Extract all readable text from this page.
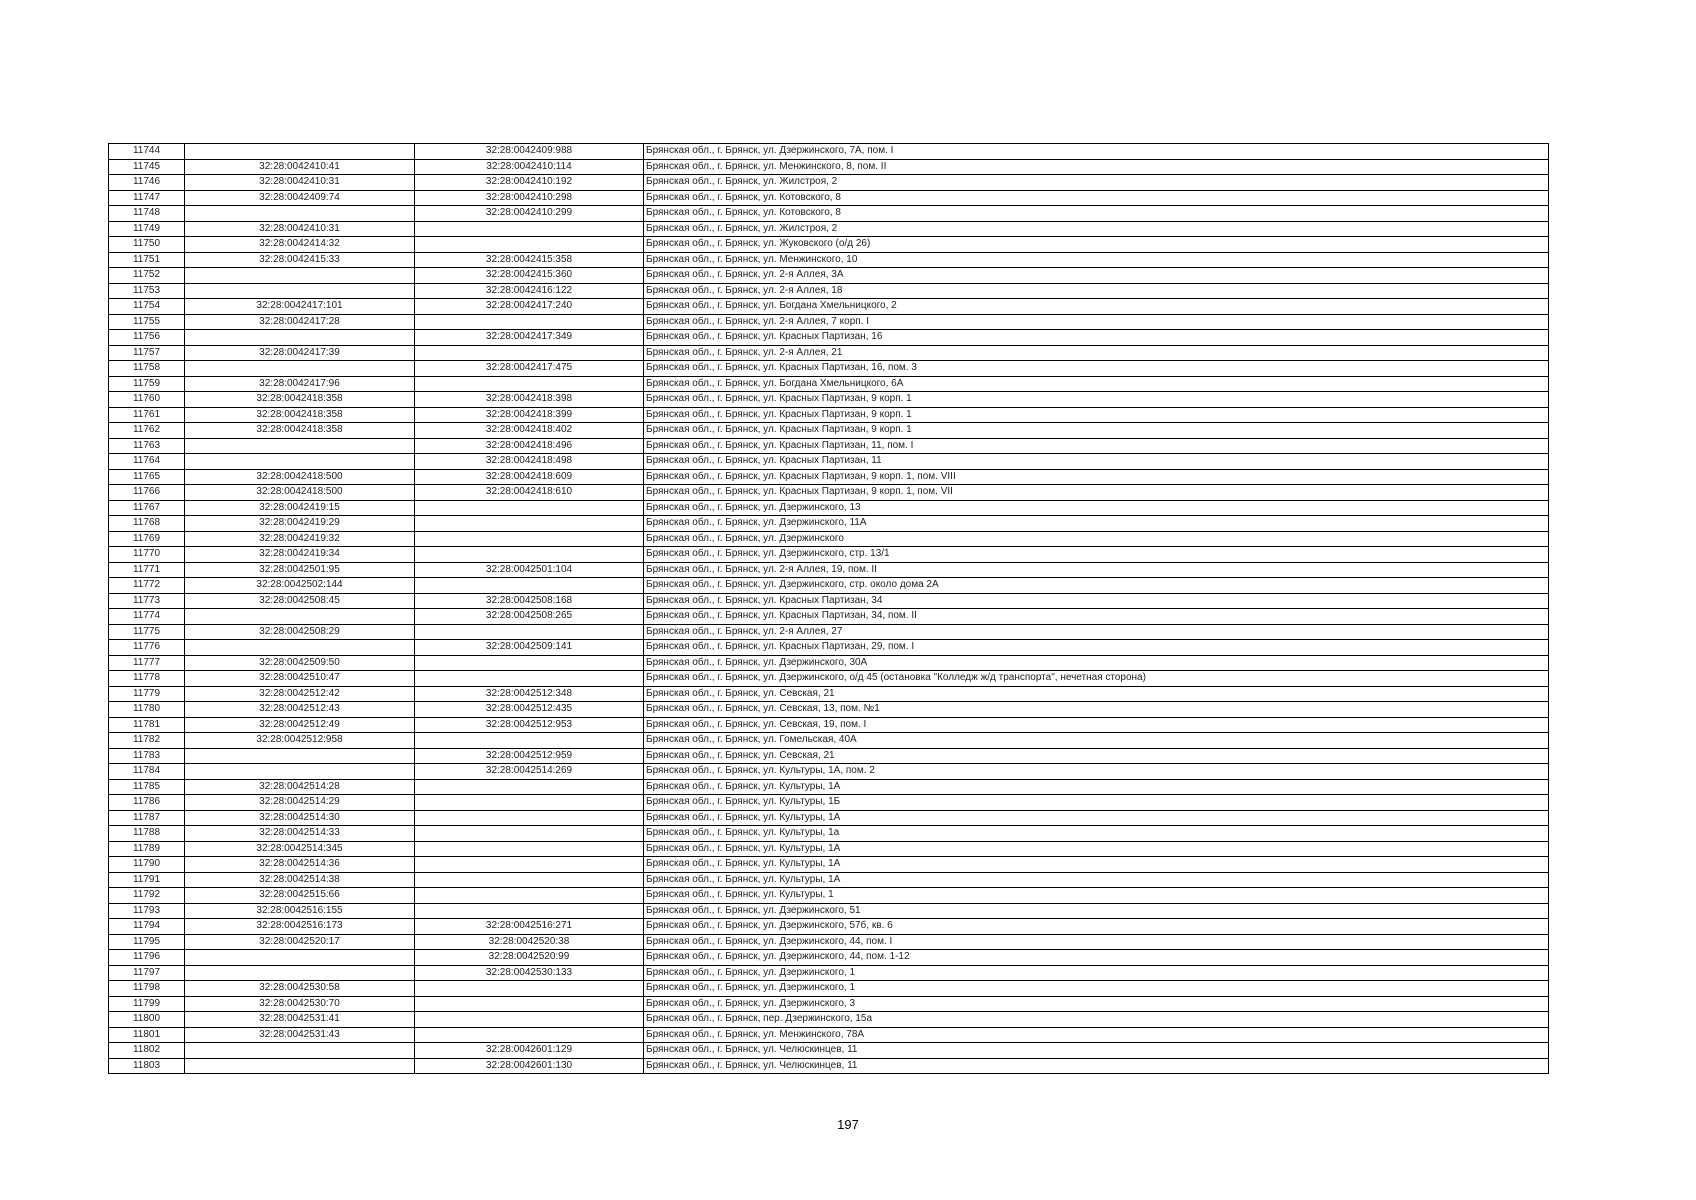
11744		32:28:0042409:988	Брянская обл., г. Брянск, ул. Дзержинского, 7А, пом. I
11745	32:28:0042410:41	32:28:0042410:114	Брянская обл., г. Брянск, ул. Менжинского, 8, пом. II
11746	32:28:0042410:31	32:28:0042410:192	Брянская обл., г. Брянск, ул. Жилстроя, 2
11747	32:28:0042409:74	32:28:0042410:298	Брянская обл., г. Брянск, ул. Котовского, 8
11748		32:28:0042410:299	Брянская обл., г. Брянск, ул. Котовского, 8
11749	32:28:0042410:31		Брянская обл., г. Брянск, ул. Жилстроя, 2
11750	32:28:0042414:32		Брянская обл., г. Брянск, ул. Жуковского (о/д 26)
11751	32:28:0042415:33	32:28:0042415:358	Брянская обл., г. Брянск, ул. Менжинского, 10
11752		32:28:0042415:360	Брянская обл., г. Брянск, ул. 2-я Аллея, 3А
11753		32:28:0042416:122	Брянская обл., г. Брянск, ул. 2-я Аллея, 18
11754	32:28:0042417:101	32:28:0042417:240	Брянская обл., г. Брянск, ул. Богдана Хмельницкого, 2
11755	32:28:0042417:28		Брянская обл., г. Брянск, ул. 2-я Аллея, 7 корп. I
11756		32:28:0042417:349	Брянская обл., г. Брянск, ул. Красных Партизан, 16
11757	32:28:0042417:39		Брянская обл., г. Брянск, ул. 2-я Аллея, 21
11758		32:28:0042417:475	Брянская обл., г. Брянск, ул. Красных Партизан, 16, пом. 3
11759	32:28:0042417:96		Брянская обл., г. Брянск, ул. Богдана Хмельницкого, 6А
11760	32:28:0042418:358	32:28:0042418:398	Брянская обл., г. Брянск, ул. Красных Партизан, 9 корп. 1
11761	32:28:0042418:358	32:28:0042418:399	Брянская обл., г. Брянск, ул. Красных Партизан, 9 корп. 1
11762	32:28:0042418:358	32:28:0042418:402	Брянская обл., г. Брянск, ул. Красных Партизан, 9 корп. 1
11763		32:28:0042418:496	Брянская обл., г. Брянск, ул. Красных Партизан, 11, пом. I
11764		32:28:0042418:498	Брянская обл., г. Брянск, ул. Красных Партизан, 11
11765	32:28:0042418:500	32:28:0042418:609	Брянская обл., г. Брянск, ул. Красных Партизан, 9 корп. 1, пом. VIII
11766	32:28:0042418:500	32:28:0042418:610	Брянская обл., г. Брянск, ул. Красных Партизан, 9 корп. 1, пом. VII
11767	32:28:0042419:15		Брянская обл., г. Брянск, ул. Дзержинского, 13
11768	32:28:0042419:29		Брянская обл., г. Брянск, ул. Дзержинского, 11А
11769	32:28:0042419:32		Брянская обл., г. Брянск, ул. Дзержинского
11770	32:28:0042419:34		Брянская обл., г. Брянск, ул. Дзержинского, стр. 13/1
11771	32:28:0042501:95	32:28:0042501:104	Брянская обл., г. Брянск, ул. 2-я Аллея, 19, пом. II
11772	32:28:0042502:144		Брянская обл., г. Брянск, ул. Дзержинского, стр. около дома 2А
11773	32:28:0042508:45	32:28:0042508:168	Брянская обл., г. Брянск, ул. Красных Партизан, 34
11774		32:28:0042508:265	Брянская обл., г. Брянск, ул. Красных Партизан, 34, пом. II
11775	32:28:0042508:29		Брянская обл., г. Брянск, ул. 2-я Аллея, 27
11776		32:28:0042509:141	Брянская обл., г. Брянск, ул. Красных Партизан, 29, пом. I
11777	32:28:0042509:50		Брянская обл., г. Брянск, ул. Дзержинского, 30А
11778	32:28:0042510:47		Брянская обл., г. Брянск, ул. Дзержинского, о/д 45 (остановка "Колледж ж/д транспорта", нечетная сторона)
11779	32:28:0042512:42	32:28:0042512:348	Брянская обл., г. Брянск, ул. Севская, 21
11780	32:28:0042512:43	32:28:0042512:435	Брянская обл., г. Брянск, ул. Севская, 13, пом. №1
11781	32:28:0042512:49	32:28:0042512:953	Брянская обл., г. Брянск, ул. Севская, 19, пом. I
11782	32:28:0042512:958		Брянская обл., г. Брянск, ул. Гомельская, 40А
11783		32:28:0042512:959	Брянская обл., г. Брянск, ул. Севская, 21
11784		32:28:0042514:269	Брянская обл., г. Брянск, ул. Культуры, 1А, пом. 2
11785	32:28:0042514:28		Брянская обл., г. Брянск, ул. Культуры, 1А
11786	32:28:0042514:29		Брянская обл., г. Брянск, ул. Культуры, 1Б
11787	32:28:0042514:30		Брянская обл., г. Брянск, ул. Культуры, 1А
11788	32:28:0042514:33		Брянская обл., г. Брянск, ул. Культуры, 1а
11789	32:28:0042514:345		Брянская обл., г. Брянск, ул. Культуры, 1А
11790	32:28:0042514:36		Брянская обл., г. Брянск, ул. Культуры, 1А
11791	32:28:0042514:38		Брянская обл., г. Брянск, ул. Культуры, 1А
11792	32:28:0042515:66		Брянская обл., г. Брянск, ул. Культуры, 1
11793	32:28:0042516:155		Брянская обл., г. Брянск, ул. Дзержинского, 51
11794	32:28:0042516:173	32:28:0042516:271	Брянская обл., г. Брянск, ул. Дзержинского, 57б, кв. 6
11795	32:28:0042520:17	32:28:0042520:38	Брянская обл., г. Брянск, ул. Дзержинского, 44, пом. I
11796		32:28:0042520:99	Брянская обл., г. Брянск, ул. Дзержинского, 44, пом. 1-12
11797		32:28:0042530:133	Брянская обл., г. Брянск, ул. Дзержинского, 1
11798	32:28:0042530:58		Брянская обл., г. Брянск, ул. Дзержинского, 1
11799	32:28:0042530:70		Брянская обл., г. Брянск, ул. Дзержинского, 3
11800	32:28:0042531:41		Брянская обл., г. Брянск, пер. Дзержинского, 15а
11801	32:28:0042531:43		Брянская обл., г. Брянск, ул. Менжинского, 78А
11802		32:28:0042601:129	Брянская обл., г. Брянск, ул. Челюскинцев, 11
11803		32:28:0042601:130	Брянская обл., г. Брянск, ул. Челюскинцев, 11
197
